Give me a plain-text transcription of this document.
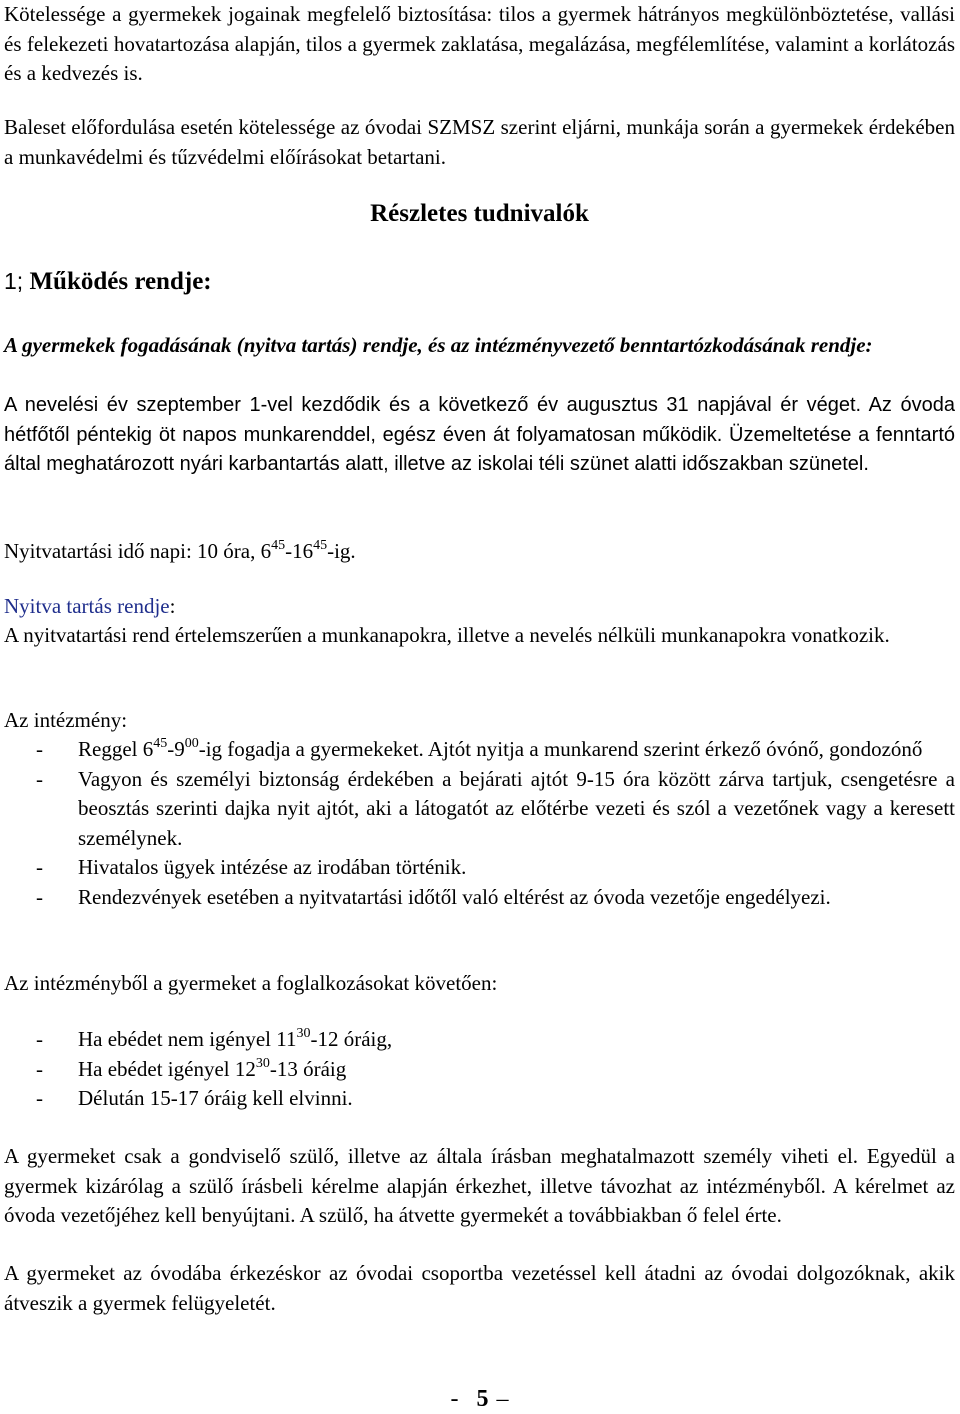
Kötelessége a gyermekek jogainak megfelelő biztosítása: tilos a gyermek hátrányos megkülönböztetése, vallási és felekezeti hovatartozása alapján, tilos a gyermek zaklatása, megalázása, megfélemlítése, valamint a korlátozás és a kedvezés is.

Baleset előfordulása esetén kötelessége az óvodai SZMSZ szerint eljárni, munkája során a gyermekek érdekében a munkavédelmi és tűzvédelmi előírásokat betartani.

Részletes tudnivalók
1; Működés rendje:

A gyermekek fogadásának (nyitva tartás) rendje, és az intézményvezető benntartózkodásának rendje:

A nevelési év szeptember 1-vel kezdődik és a következő év augusztus 31 napjával ér véget. Az óvoda hétfőtől péntekig öt napos munkarenddel, egész éven át folyamatosan működik. Üzemeltetése a fenntartó által meghatározott nyári karbantartás alatt, illetve az iskolai téli szünet alatti időszakban szünetel.

Nyitvatartási idő napi: 10 óra, $6^{45}-16^{45}-ig$.

Nyitva tartás rendje:

A nyitvatartási rend értelemszerűen a munkanapokra, illetve a nevelés nélküli munkanapokra vonatkozik.

Az intézmény:

- Reggel $6^{45}-9^{00}-ig$ fogadja a gyermekeket. Ajtót nyitja a munkarend szerint érkező óvónő, gondozónő
- Vagyon és személyi biztonság érdekében a bejárati ajtót 9-15 óra között zárva tartjuk, csengetésre a beosztás szerinti dajka nyit ajtót, aki a látogatót az előtérbe vezeti és szól a vezetőnek vagy a keresett személynek.
- Hivatalos ügyek intézése az irodában történik.
- Rendezvények esetében a nyitvatartási időtől való eltérést az óvoda vezetője engedélyezi.

Az intézményből a gyermeket a foglalkozásokat követően:

- Ha ebédet nem igényel $11^{30}-12$ óráig,
- Ha ebédet igényel $12^{30}-13$ óráig
- Délután 15-17 óráig kell elvinni.

A gyermeket csak a gondviselő szülő, illetve az általa írásban meghatalmazott személy viheti el. Egyedül a gyermek kizárólag a szülő írásbeli kérelme alapján érkezhet, illetve távozhat az intézményből. A kérelmet az óvoda vezetőjéhez kell benyújtani. A szülő, ha átvette gyermekét a továbbiakban ő felel érte.

A gyermeket az óvodába érkezéskor az óvodai csoportba vezetéssel kell átadni az óvodai dolgozóknak, akik átveszik a gyermek felügyeletét.

- 5 –
